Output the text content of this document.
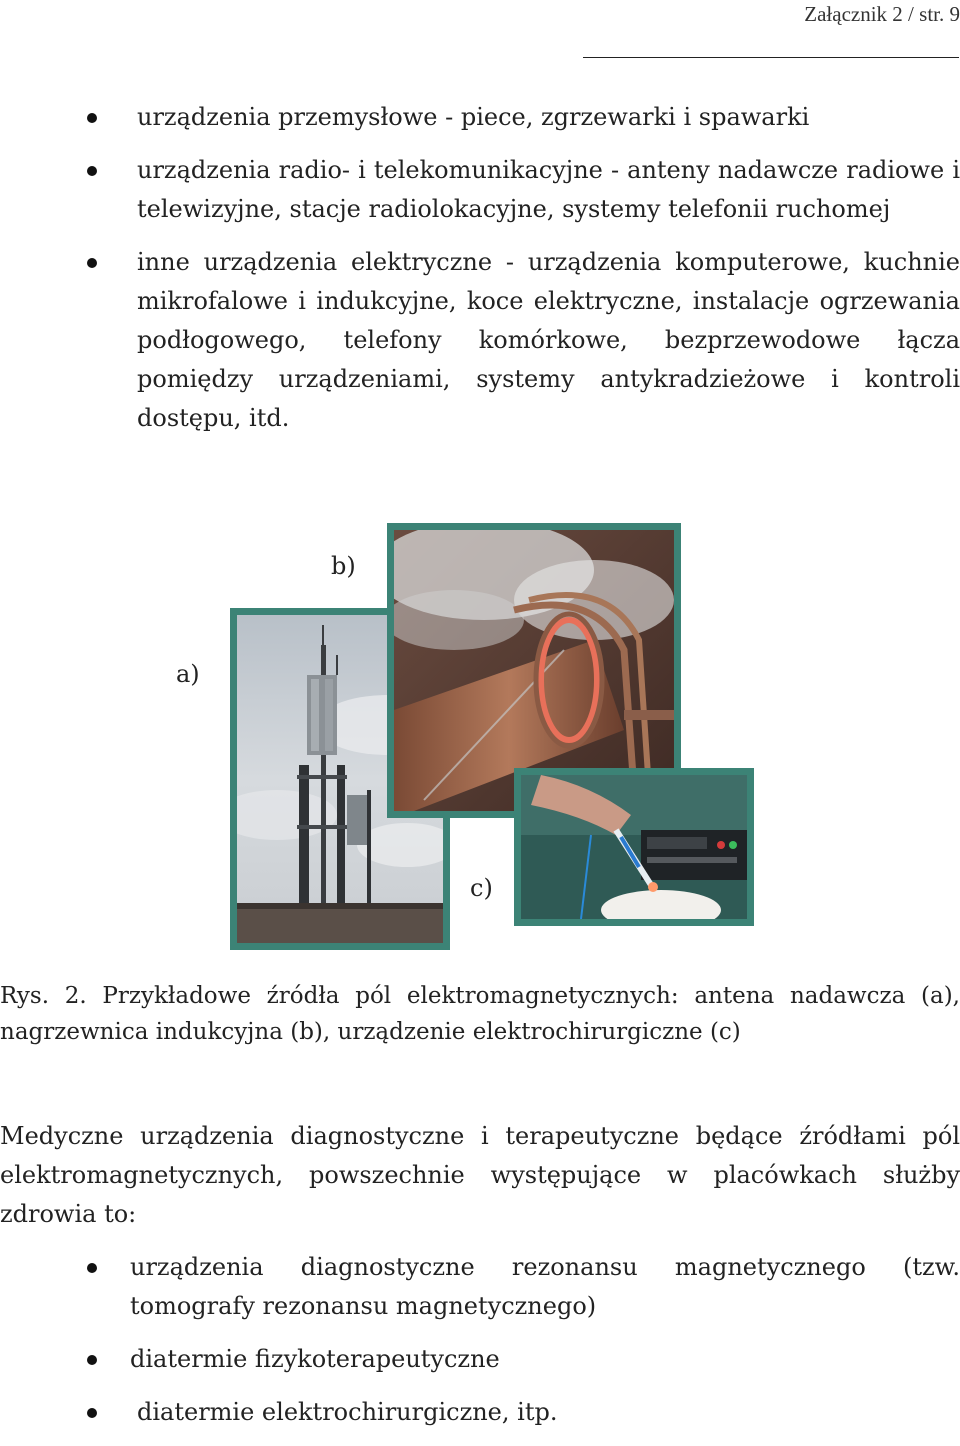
Załącznik 2 / str. 9
urządzenia przemysłowe - piece, zgrzewarki i spawarki
urządzenia radio- i telekomunikacyjne - anteny nadawcze radiowe i telewizyjne, stacje radiolokacyjne, systemy telefonii ruchomej
inne urządzenia elektryczne - urządzenia komputerowe, kuchnie mikrofalowe i indukcyjne, koce elektryczne, instalacje ogrzewania podłogowego, telefony komórkowe, bezprzewodowe łącza pomiędzy urządzeniami, systemy antykradzieżowe i kontroli dostępu, itd.
b)
a)
c)
Rys. 2. Przykładowe źródła pól elektromagnetycznych: antena nadawcza (a), nagrzewnica indukcyjna (b), urządzenie elektrochirurgiczne (c)
Medyczne urządzenia diagnostyczne i terapeutyczne będące źródłami pól elektromagnetycznych, powszechnie występujące w placówkach służby zdrowia to:
urządzenia diagnostyczne rezonansu magnetycznego (tzw. tomografy rezonansu magnetycznego)
diatermie fizykoterapeutyczne
diatermie elektrochirurgiczne, itp.
